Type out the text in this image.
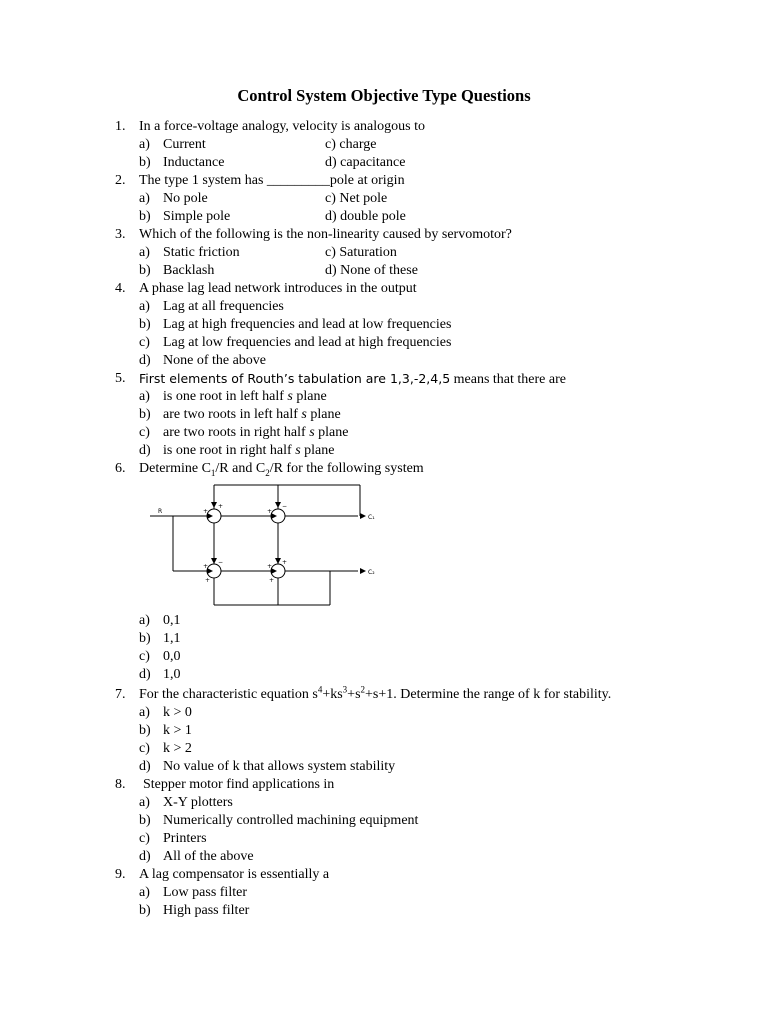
Control System Objective Type Questions
1. In a force-voltage analogy, velocity is analogous to
a) Current	c) charge
b) Inductance	d) capacitance
2. The type 1 system has _________pole at origin
a) No pole	c) Net pole
b) Simple pole	d) double pole
3. Which of the following is the non-linearity caused by servomotor?
a) Static friction	c) Saturation
b) Backlash	d) None of these
4. A phase lag lead network introduces in the output
a) Lag at all frequencies
b) Lag at high frequencies and lead at low frequencies
c) Lag at low frequencies and lead at high frequencies
d) None of the above
5. First elements of Routh’s tabulation are 1,3,-2,4,5 means that there are
a) is one root in left half s plane
b) are two roots in left half s plane
c) are two roots in right half s plane
d) is one root in right half s plane
6. Determine $C_1/R$ and $C_2/R$ for the following system
R
C₁
C₂
+
+
+
−
+
−
+
+
+
+
a) 0,1
b) 1,1
c) 0,0
d) 1,0
7. For the characteristic equation $s^4+ks^3+s^2+s+1$. Determine the range of k for stability.
a) k > 0
b) k > 1
c) k > 2
d) No value of k that allows system stability
8. Stepper motor find applications in
a) X-Y plotters
b) Numerically controlled machining equipment
c) Printers
d) All of the above
9. A lag compensator is essentially a
a) Low pass filter
b) High pass filter
